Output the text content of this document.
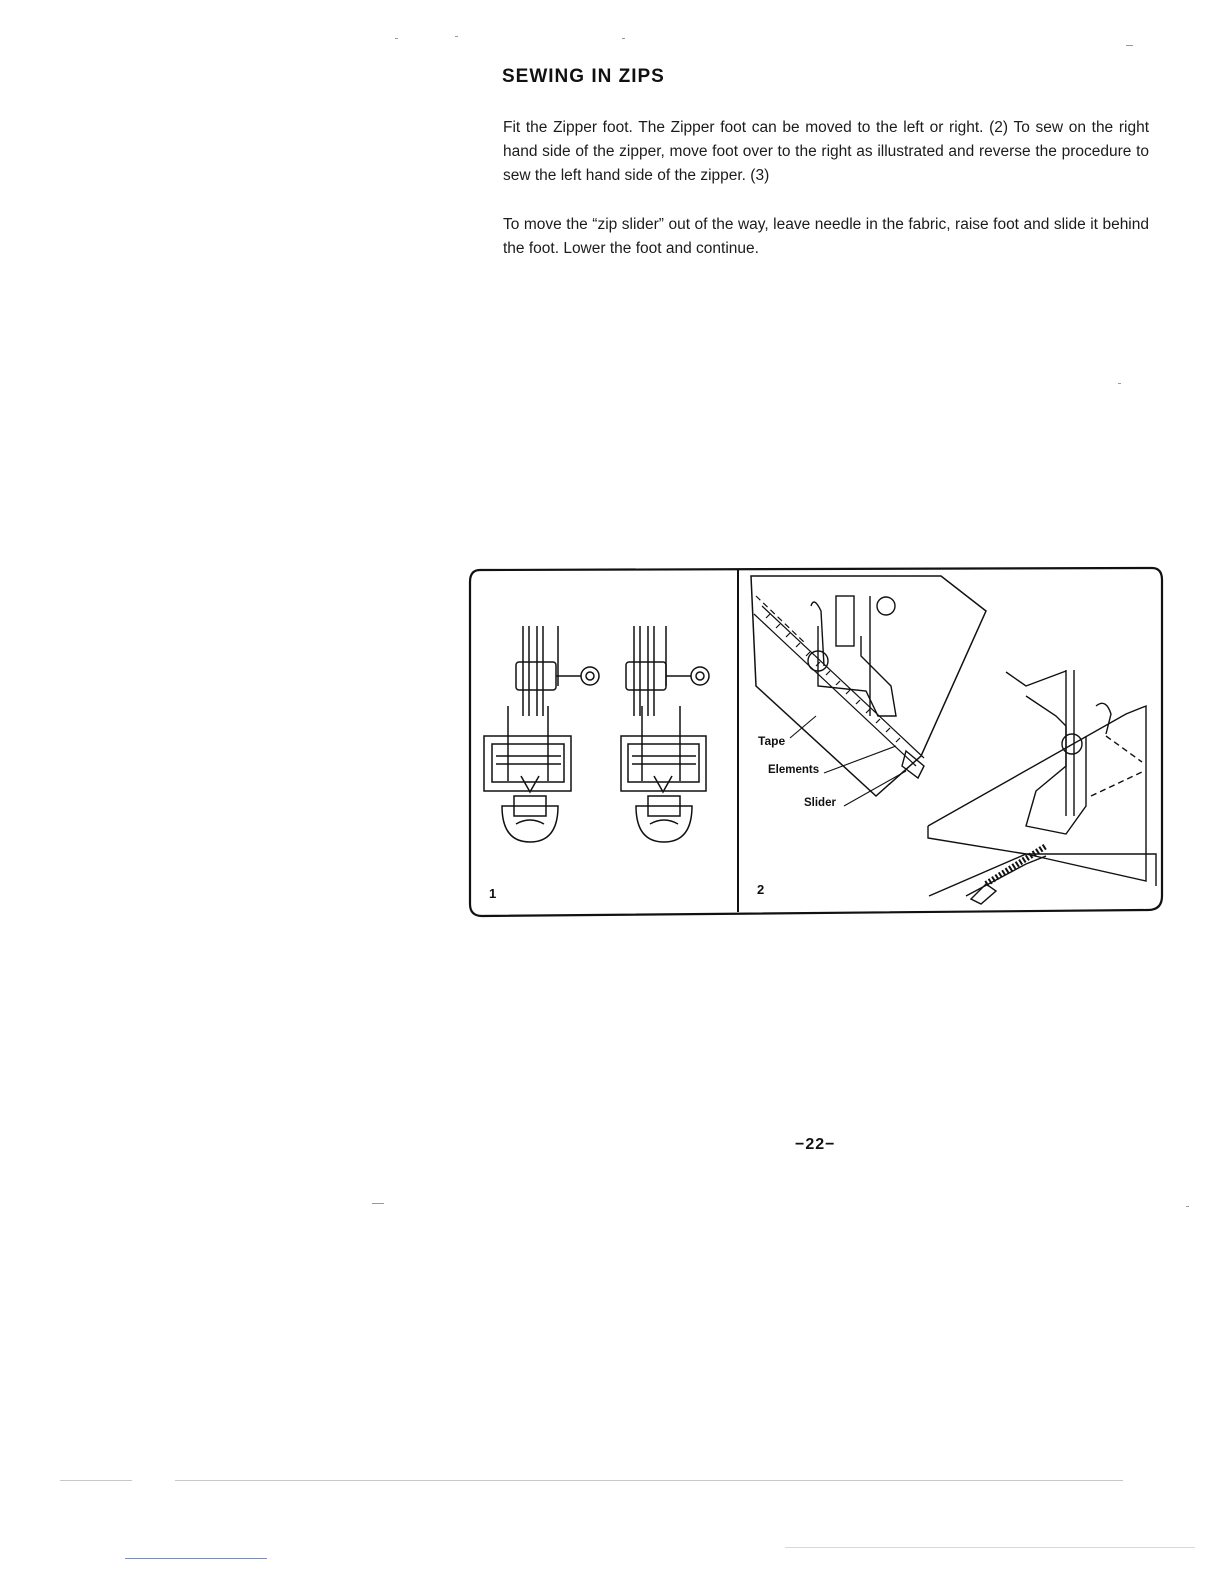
SEWING IN ZIPS
Fit the Zipper foot. The Zipper foot can be moved to the left or right. (2) To sew on the right hand side of the zipper, move foot over to the right as illustrated and reverse the procedure to sew the left hand side of the zipper. (3)
To move the “zip slider” out of the way, leave needle in the fabric, raise foot and slide it behind the foot. Lower the foot and continue.
1	2
Tape
Elements
Slider
−22−
